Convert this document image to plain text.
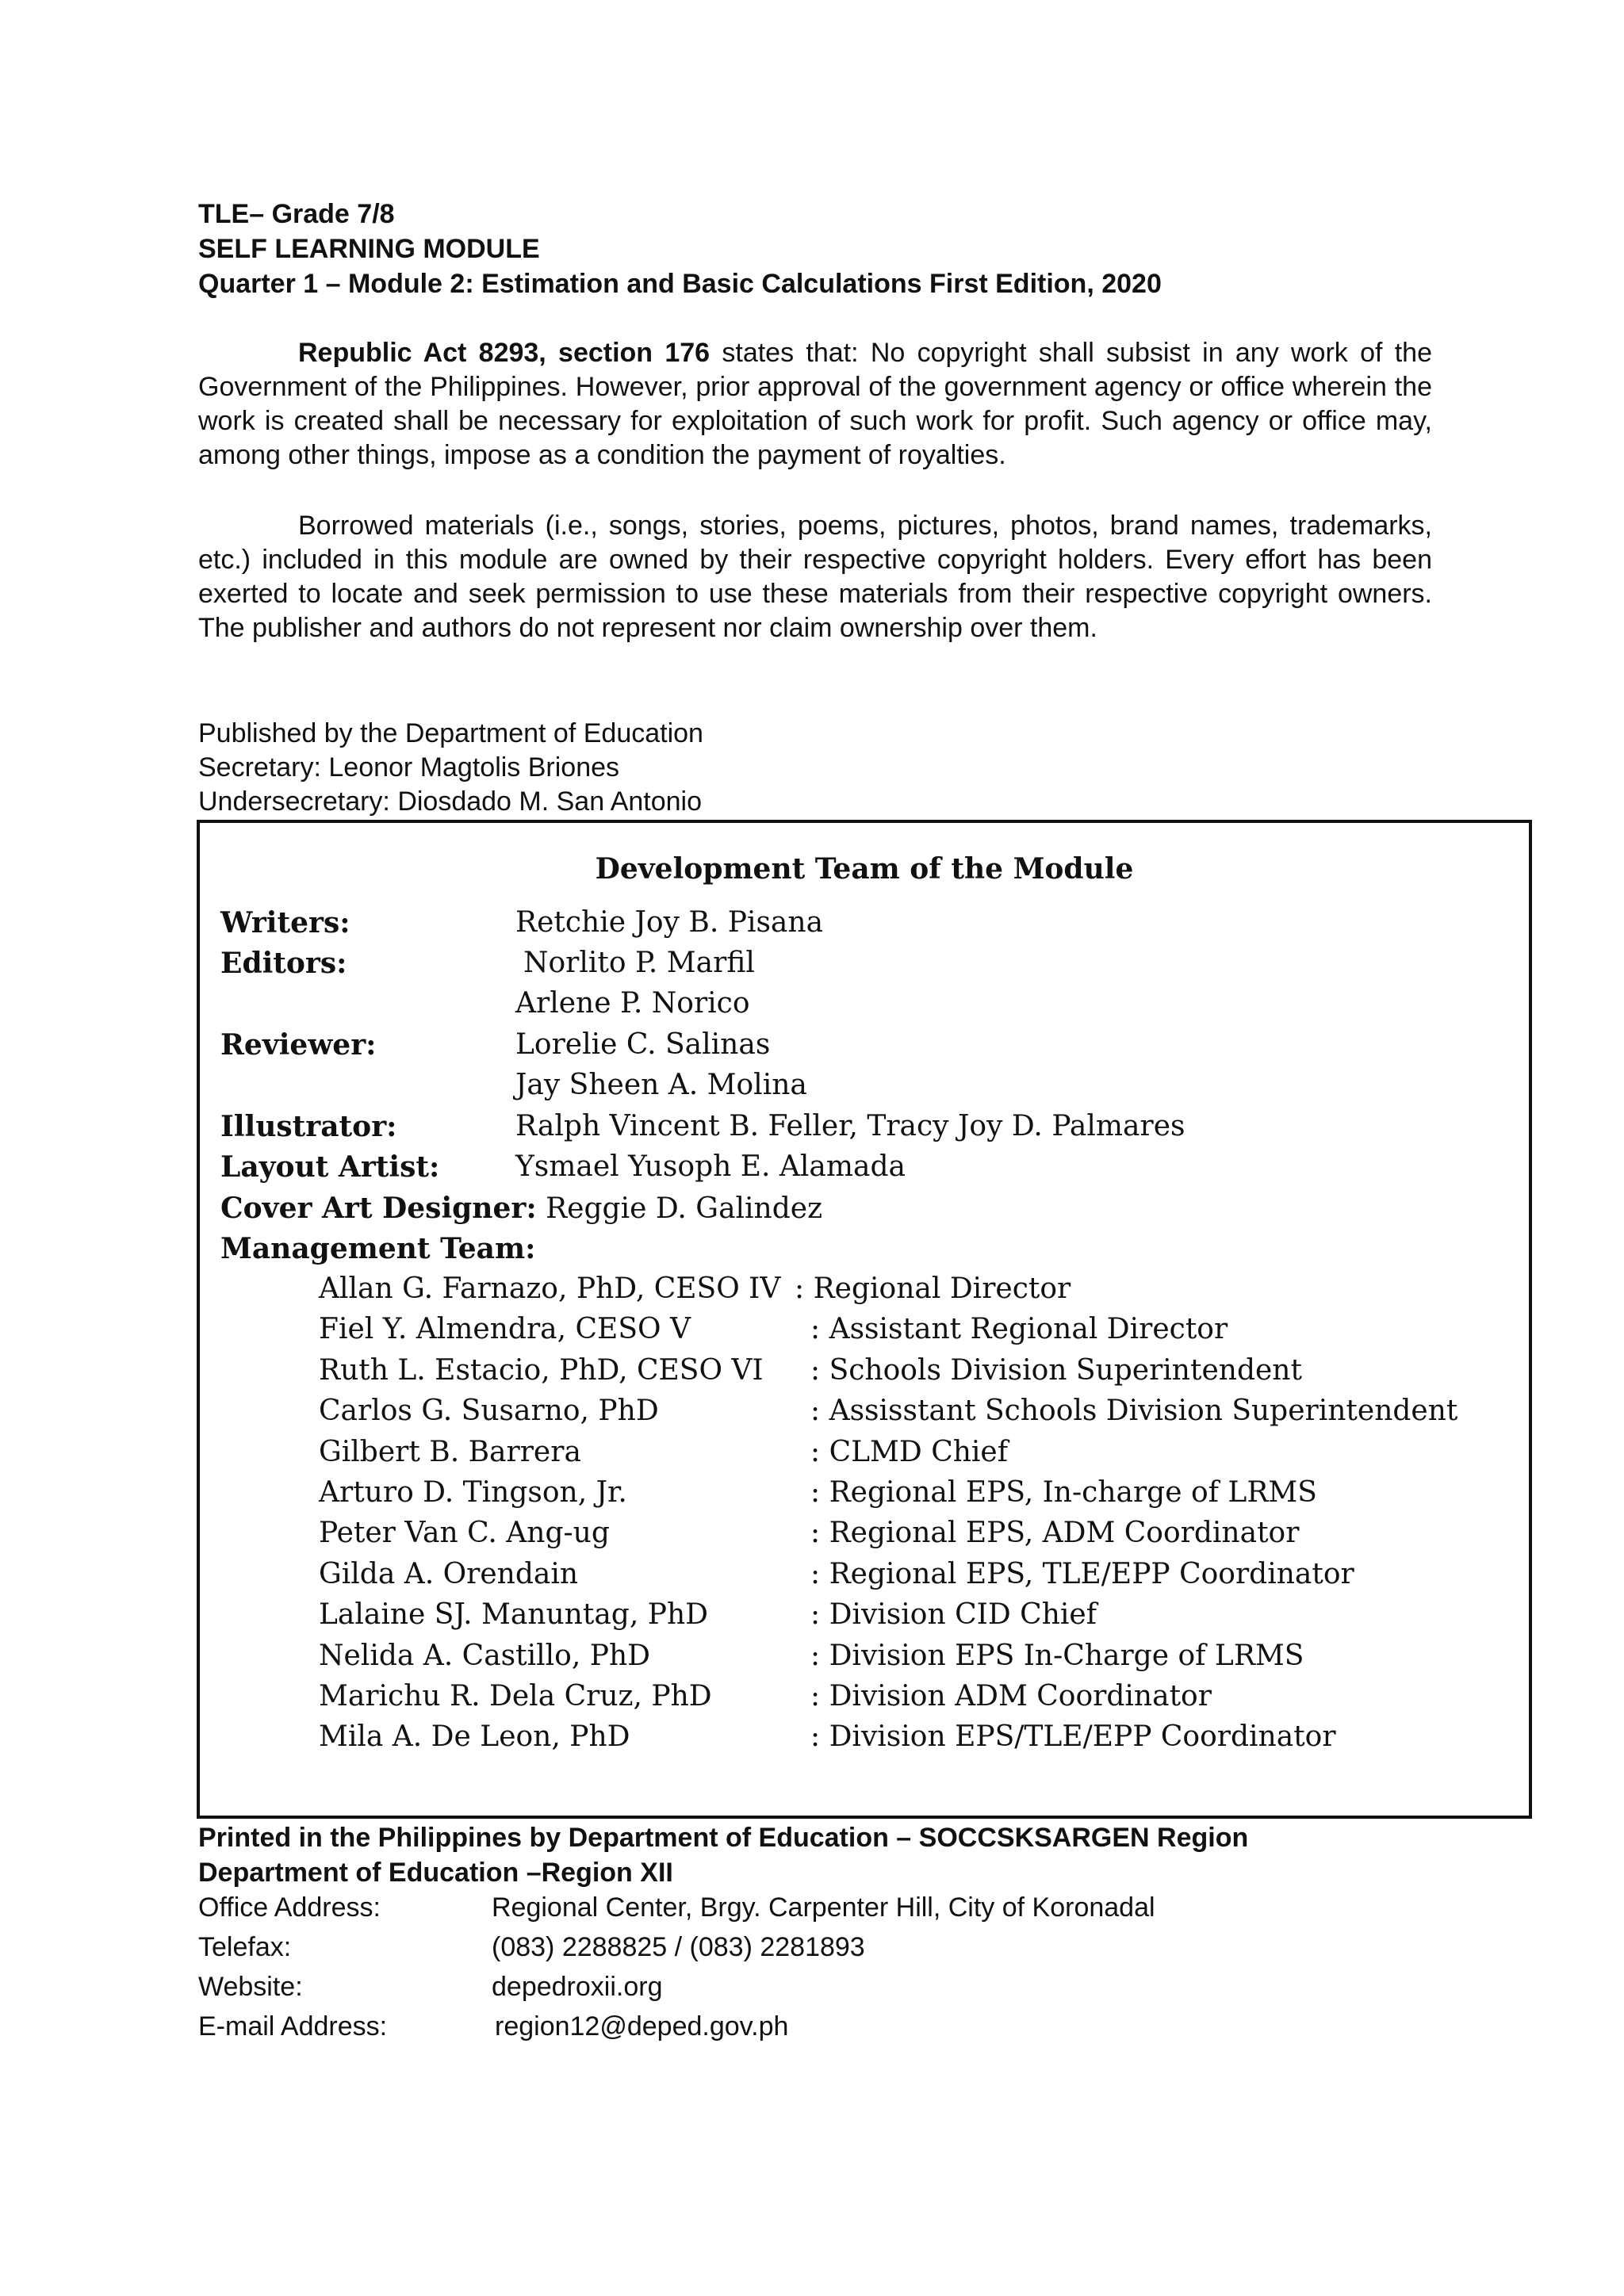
TLE– Grade 7/8
SELF LEARNING MODULE
Quarter 1 – Module 2: Estimation and Basic Calculations First Edition, 2020
Republic Act 8293, section 176 states that: No copyright shall subsist in any work of the Government of the Philippines. However, prior approval of the government agency or office wherein the work is created shall be necessary for exploitation of such work for profit. Such agency or office may, among other things, impose as a condition the payment of royalties.
Borrowed materials (i.e., songs, stories, poems, pictures, photos, brand names, trademarks, etc.) included in this module are owned by their respective copyright holders. Every effort has been exerted to locate and seek permission to use these materials from their respective copyright owners. The publisher and authors do not represent nor claim ownership over them.
Published by the Department of Education
Secretary: Leonor Magtolis Briones
Undersecretary: Diosdado M. San Antonio
Development Team of the Module
Writers:	Retchie Joy B. Pisana
Editors:	Norlito P. Marfil
Arlene P. Norico
Reviewer:	Lorelie C. Salinas
Jay Sheen A. Molina
Illustrator:	Ralph Vincent B. Feller, Tracy Joy D. Palmares
Layout Artist:	Ysmael Yusoph E. Alamada
Cover Art Designer: Reggie D. Galindez
Management Team:
Allan G. Farnazo, PhD, CESO IV : Regional Director
Fiel Y. Almendra, CESO V	: Assistant Regional Director
Ruth L. Estacio, PhD, CESO VI : Schools Division Superintendent
Carlos G. Susarno, PhD	: Assisstant Schools Division Superintendent
Gilbert B. Barrera	: CLMD Chief
Arturo D. Tingson, Jr.	: Regional EPS, In-charge of LRMS
Peter Van C. Ang-ug	: Regional EPS, ADM Coordinator
Gilda A. Orendain	: Regional EPS, TLE/EPP Coordinator
Lalaine SJ. Manuntag, PhD	: Division CID Chief
Nelida A. Castillo, PhD	: Division EPS In-Charge of LRMS
Marichu R. Dela Cruz, PhD	: Division ADM Coordinator
Mila A. De Leon, PhD	: Division EPS/TLE/EPP Coordinator
Printed in the Philippines by Department of Education – SOCCSKSARGEN Region
Department of Education –Region XII
Office Address:	Regional Center, Brgy. Carpenter Hill, City of Koronadal
Telefax:	(083) 2288825 / (083) 2281893
Website:	depedroxii.org
E-mail Address:	region12@deped.gov.ph
